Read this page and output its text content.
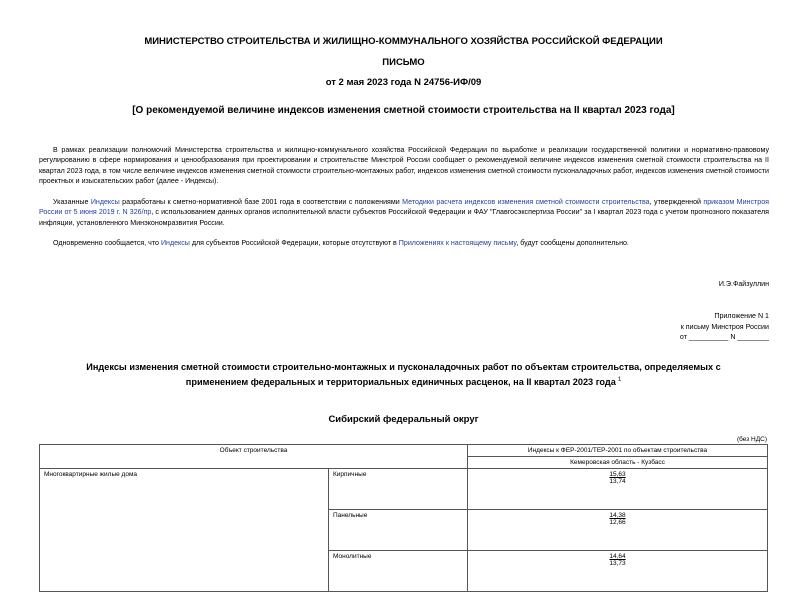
МИНИСТЕРСТВО СТРОИТЕЛЬСТВА И ЖИЛИЩНО-КОММУНАЛЬНОГО ХОЗЯЙСТВА РОССИЙСКОЙ ФЕДЕРАЦИИ
ПИСЬМО
от 2 мая 2023 года N 24756-ИФ/09
[О рекомендуемой величине индексов изменения сметной стоимости строительства на II квартал 2023 года]

В рамках реализации полномочий Министерства строительства и жилищно-коммунального хозяйства Российской Федерации по выработке и реализации государственной политики и нормативно-правовому регулированию в сфере нормирования и ценообразования при проектировании и строительстве Минстрой России сообщает о рекомендуемой величине индексов изменения сметной стоимости строительства на II квартал 2023 года, в том числе величине индексов изменения сметной стоимости строительно-монтажных работ, индексов изменения сметной стоимости пусконаладочных работ, индексов изменения сметной стоимости проектных и изыскательских работ (далее - Индексы).

Указанные Индексы разработаны к сметно-нормативной базе 2001 года в соответствии с положениями Методики расчета индексов изменения сметной стоимости строительства, утвержденной приказом Минстроя России от 5 июня 2019 г. N 326/пр, с использованием данных органов исполнительной власти субъектов Российской Федерации и ФАУ "Главгосэкспертиза России" за I квартал 2023 года с учетом прогнозного показателя инфляции, установленного Минэкономразвития России.

Одновременно сообщается, что Индексы для субъектов Российской Федерации, которые отсутствуют в Приложениях к настоящему письму, будут сообщены дополнительно.

И.Э.Файзуллин
Приложение N 1
к письму Минстроя России
от __________ N ________
Индексы изменения сметной стоимости строительно-монтажных и пусконаладочных работ по объектам строительства, определяемых с применением федеральных и территориальных единичных расценок, на II квартал 2023 года $^1$
Сибирский федеральный округ
(без НДС)
Объект строительства		Индексы к ФЕР-2001/ТЕР-2001 по объектам строительства
		Кемеровская область - Кузбасс
Многоквартирные жилые дома	Кирпичные	15,63
13,74

	Панельные	14,38
12,66

	Монолитные	14,64
13,73
